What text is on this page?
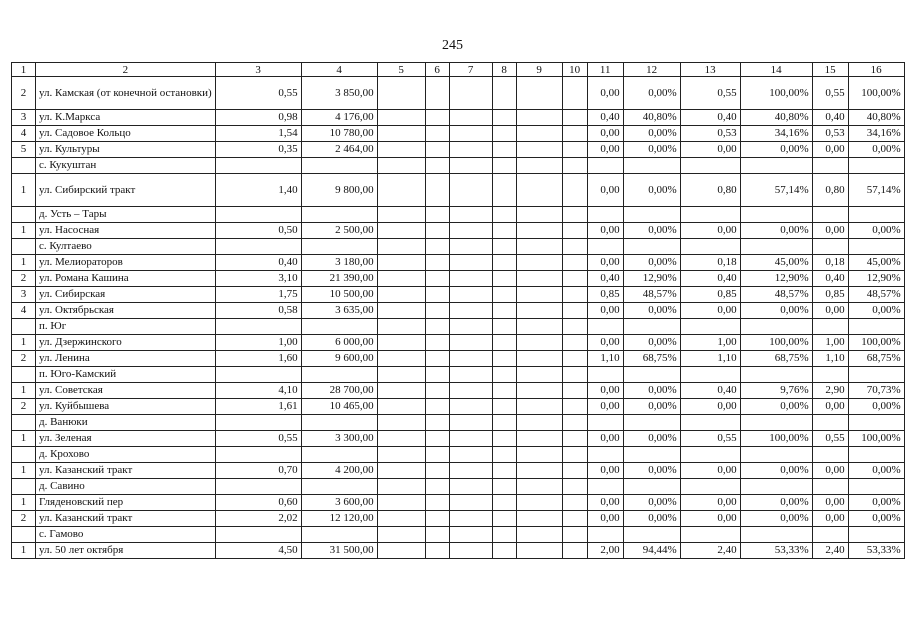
245
1	2	3	4	5	6	7	8	9	10	11	12	13	14	15	16
2	ул. Камская (от конечной остановки)	0,55	3 850,00							0,00	0,00%	0,55	100,00%	0,55	100,00%
3	ул. К.Маркса	0,98	4 176,00							0,40	40,80%	0,40	40,80%	0,40	40,80%
4	ул. Садовое Кольцо	1,54	10 780,00							0,00	0,00%	0,53	34,16%	0,53	34,16%
5	ул. Культуры	0,35	2 464,00							0,00	0,00%	0,00	0,00%	0,00	0,00%
	с. Кукуштан														
1	ул. Сибирский тракт	1,40	9 800,00							0,00	0,00%	0,80	57,14%	0,80	57,14%
	д. Усть – Тары														
1	ул. Насосная	0,50	2 500,00							0,00	0,00%	0,00	0,00%	0,00	0,00%
	с. Култаево														
1	ул. Мелиораторов	0,40	3 180,00							0,00	0,00%	0,18	45,00%	0,18	45,00%
2	ул. Романа Кашина	3,10	21 390,00							0,40	12,90%	0,40	12,90%	0,40	12,90%
3	ул. Сибирская	1,75	10 500,00							0,85	48,57%	0,85	48,57%	0,85	48,57%
4	ул. Октябрьская	0,58	3 635,00							0,00	0,00%	0,00	0,00%	0,00	0,00%
	п. Юг														
1	ул. Дзержинского	1,00	6 000,00							0,00	0,00%	1,00	100,00%	1,00	100,00%
2	ул. Ленина	1,60	9 600,00							1,10	68,75%	1,10	68,75%	1,10	68,75%
	п. Юго-Камский														
1	ул. Советская	4,10	28 700,00							0,00	0,00%	0,40	9,76%	2,90	70,73%
2	ул. Куйбышева	1,61	10 465,00							0,00	0,00%	0,00	0,00%	0,00	0,00%
	д. Ванюки														
1	ул. Зеленая	0,55	3 300,00							0,00	0,00%	0,55	100,00%	0,55	100,00%
	д. Крохово														
1	ул. Казанский тракт	0,70	4 200,00							0,00	0,00%	0,00	0,00%	0,00	0,00%
	д. Савино														
1	Гляденовский пер	0,60	3 600,00							0,00	0,00%	0,00	0,00%	0,00	0,00%
2	ул. Казанский тракт	2,02	12 120,00							0,00	0,00%	0,00	0,00%	0,00	0,00%
	с. Гамово														
1	ул. 50 лет октября	4,50	31 500,00							2,00	94,44%	2,40	53,33%	2,40	53,33%
